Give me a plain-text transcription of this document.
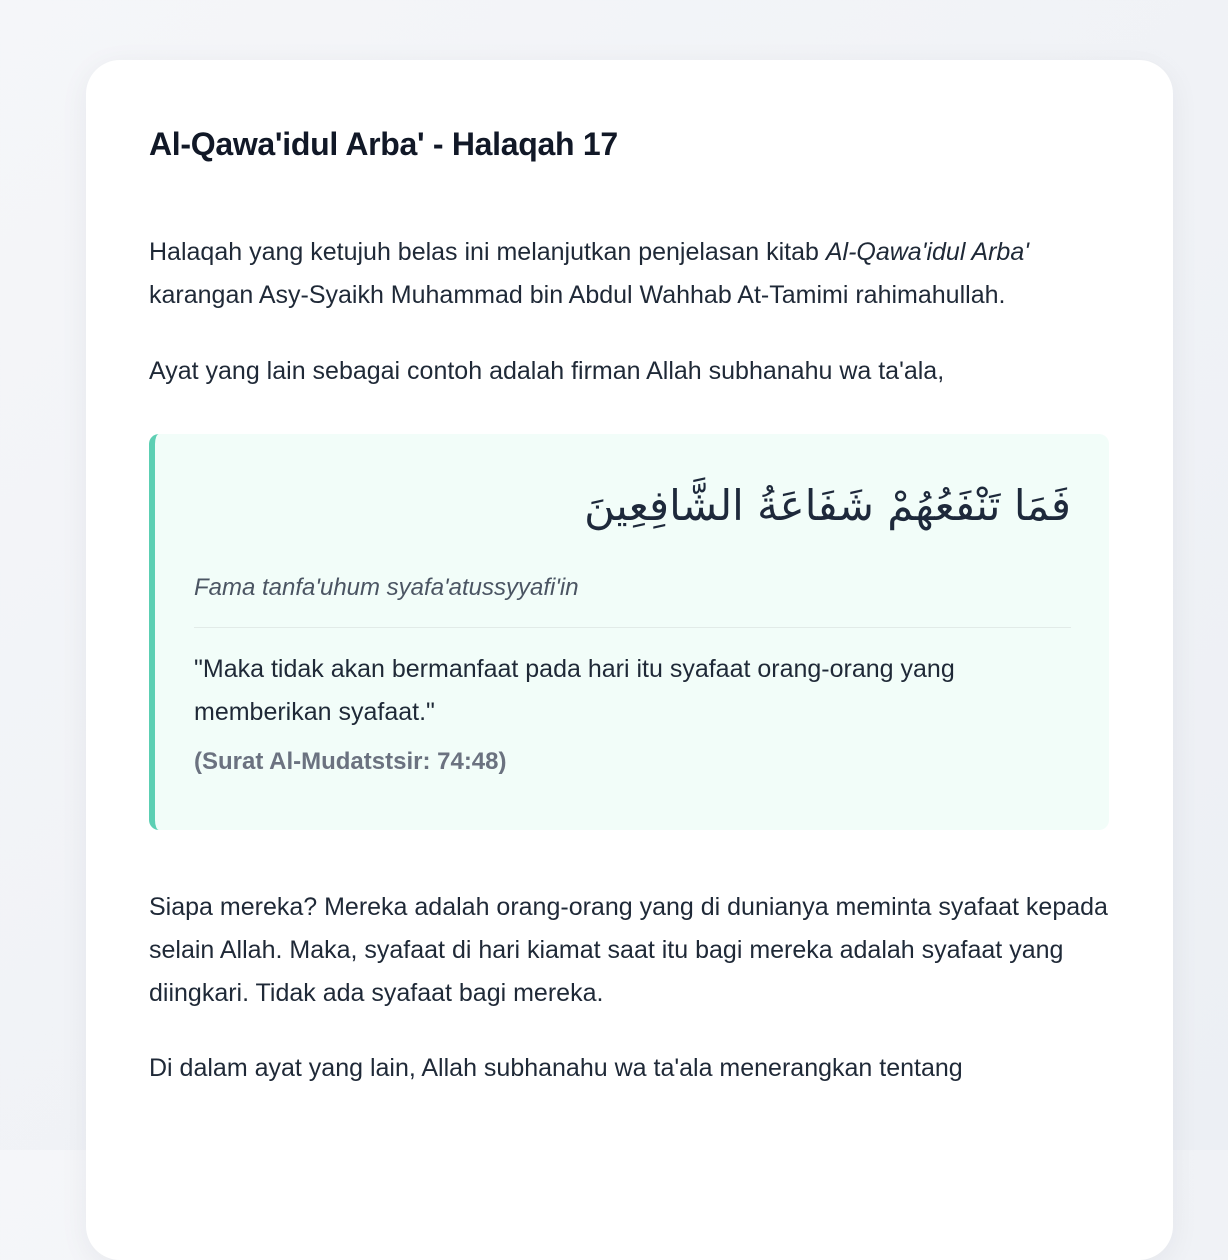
Al-Qawa'idul Arba' - Halaqah 17

Halaqah yang ketujuh belas ini melanjutkan penjelasan kitab Al-Qawa'idul Arba' karangan Asy-Syaikh Muhammad bin Abdul Wahhab At-Tamimi rahimahullah.

Ayat yang lain sebagai contoh adalah firman Allah subhanahu wa ta'ala,

فَمَا تَنْفَعُهُمْ شَفَاعَةُ الشَّافِعِينَ

Fama tanfa'uhum syafa'atussyyafi'in

"Maka tidak akan bermanfaat pada hari itu syafaat orang-orang yang memberikan syafaat."

(Surat Al-Mudatstsir: 74:48)

Siapa mereka? Mereka adalah orang-orang yang di dunianya meminta syafaat kepada selain Allah. Maka, syafaat di hari kiamat saat itu bagi mereka adalah syafaat yang diingkari. Tidak ada syafaat bagi mereka.

Di dalam ayat yang lain, Allah subhanahu wa ta'ala menerangkan tentang
